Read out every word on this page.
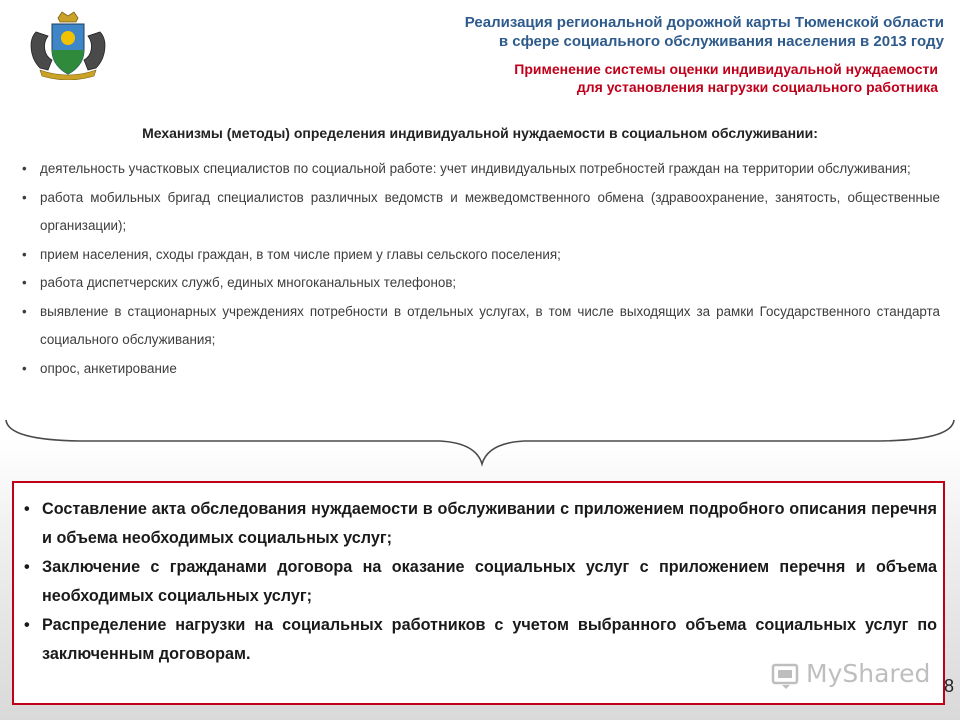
Реализация региональной дорожной карты Тюменской области
в сфере социального обслуживания населения в 2013 году
Применение системы оценки индивидуальной нуждаемости
для установления нагрузки социального работника
Механизмы (методы) определения индивидуальной нуждаемости в социальном обслуживании:
• деятельность участковых специалистов по социальной работе: учет индивидуальных потребностей граждан на территории обслуживания;
• работа мобильных бригад специалистов различных ведомств и межведомственного обмена (здравоохранение, занятость, общественные организации);
• прием населения, сходы граждан, в том числе прием у главы сельского поселения;
• работа диспетчерских служб, единых многоканальных телефонов;
• выявление в стационарных учреждениях потребности в отдельных услугах, в том числе выходящих за рамки Государственного стандарта социального обслуживания;
• опрос, анкетирование
• Составление акта обследования нуждаемости в обслуживании с приложением подробного описания перечня и объема необходимых социальных услуг;
• Заключение с гражданами договора на оказание социальных услуг с приложением перечня и объема необходимых социальных услуг;
• Распределение нагрузки на социальных работников с учетом выбранного объема социальных услуг по заключенным договорам.
MyShared 8
